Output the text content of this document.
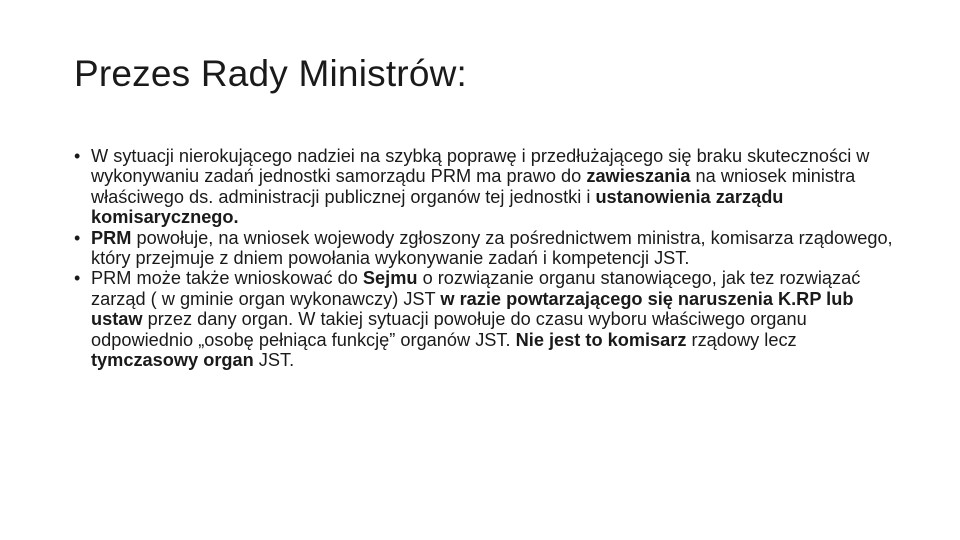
Prezes Rady Ministrów:
• W sytuacji nierokującego nadziei na szybką poprawę i przedłużającego się braku skuteczności w wykonywaniu zadań jednostki samorządu PRM ma prawo do zawieszania na wniosek ministra właściwego ds. administracji publicznej organów tej jednostki i ustanowienia zarządu komisarycznego.
• PRM powołuje, na wniosek wojewody zgłoszony za pośrednictwem ministra, komisarza rządowego, który przejmuje z dniem powołania wykonywanie zadań i kompetencji JST.
• PRM może także wnioskować do Sejmu o rozwiązanie organu stanowiącego, jak tez rozwiązać zarząd ( w gminie organ wykonawczy) JST w razie powtarzającego się naruszenia K.RP lub ustaw przez dany organ. W takiej sytuacji powołuje do czasu wyboru właściwego organu odpowiednio „osobę pełniąca funkcję” organów JST. Nie jest to komisarz rządowy lecz tymczasowy organ JST.
